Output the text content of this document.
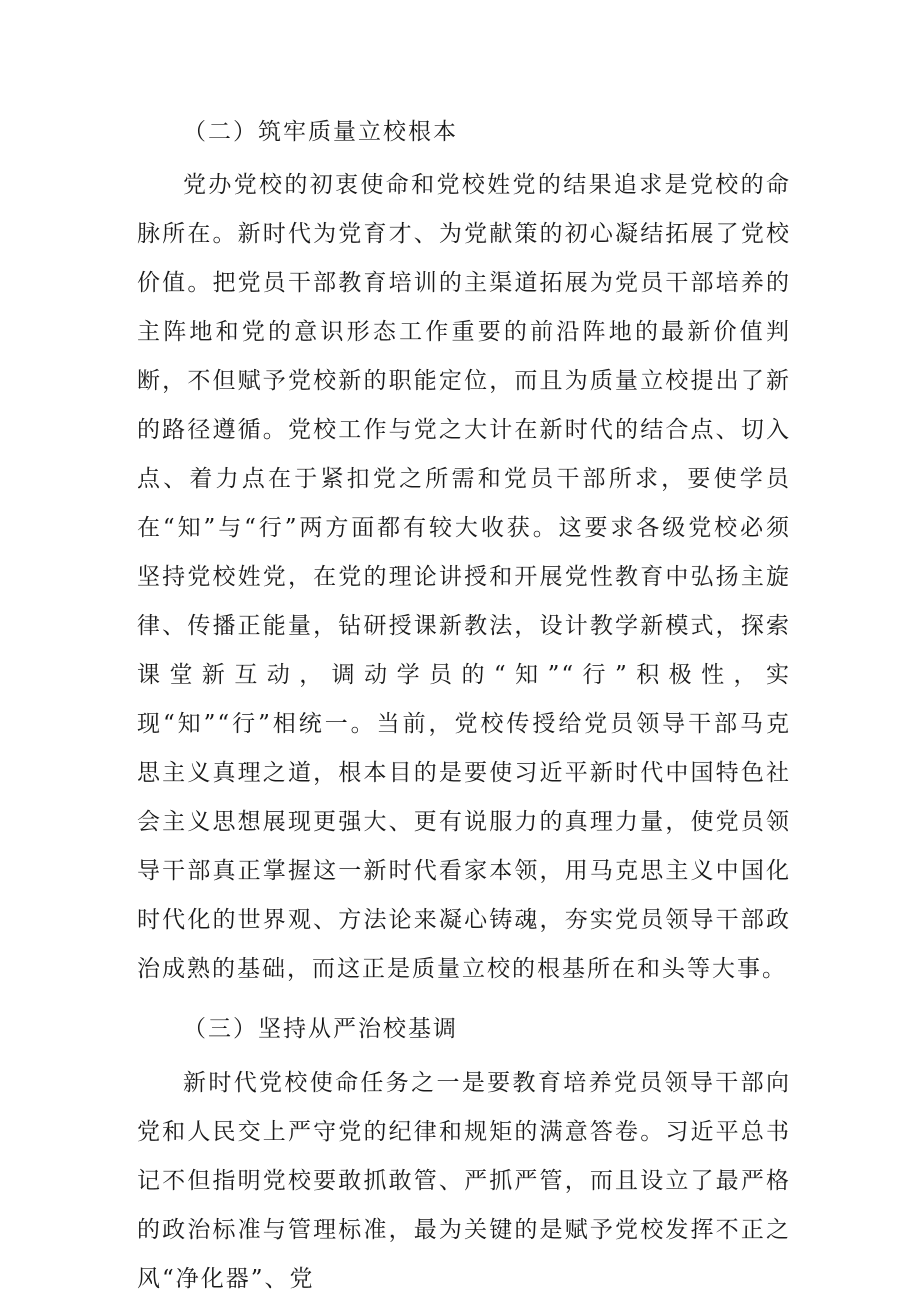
（二）筑牢质量立校根本

党办党校的初衷使命和党校姓党的结果追求是党校的命脉所在。新时代为党育才、为党献策的初心凝结拓展了党校价值。把党员干部教育培训的主渠道拓展为党员干部培养的主阵地和党的意识形态工作重要的前沿阵地的最新价值判断，不但赋予党校新的职能定位，而且为质量立校提出了新的路径遵循。党校工作与党之大计在新时代的结合点、切入点、着力点在于紧扣党之所需和党员干部所求，要使学员在“知”与“行”两方面都有较大收获。这要求各级党校必须坚持党校姓党，在党的理论讲授和开展党性教育中弘扬主旋律、传播正能量，钻研授课新教法，设计教学新模式，探索课堂新互动，调动学员的“知”“行”积极性，实现“知”“行”相统一。当前，党校传授给党员领导干部马克思主义真理之道，根本目的是要使习近平新时代中国特色社会主义思想展现更强大、更有说服力的真理力量，使党员领导干部真正掌握这一新时代看家本领，用马克思主义中国化时代化的世界观、方法论来凝心铸魂，夯实党员领导干部政治成熟的基础，而这正是质量立校的根基所在和头等大事。

（三）坚持从严治校基调

新时代党校使命任务之一是要教育培养党员领导干部向党和人民交上严守党的纪律和规矩的满意答卷。习近平总书记不但指明党校要敢抓敢管、严抓严管，而且设立了最严格的政治标准与管理标准，最为关键的是赋予党校发挥不正之风“净化器”、党
